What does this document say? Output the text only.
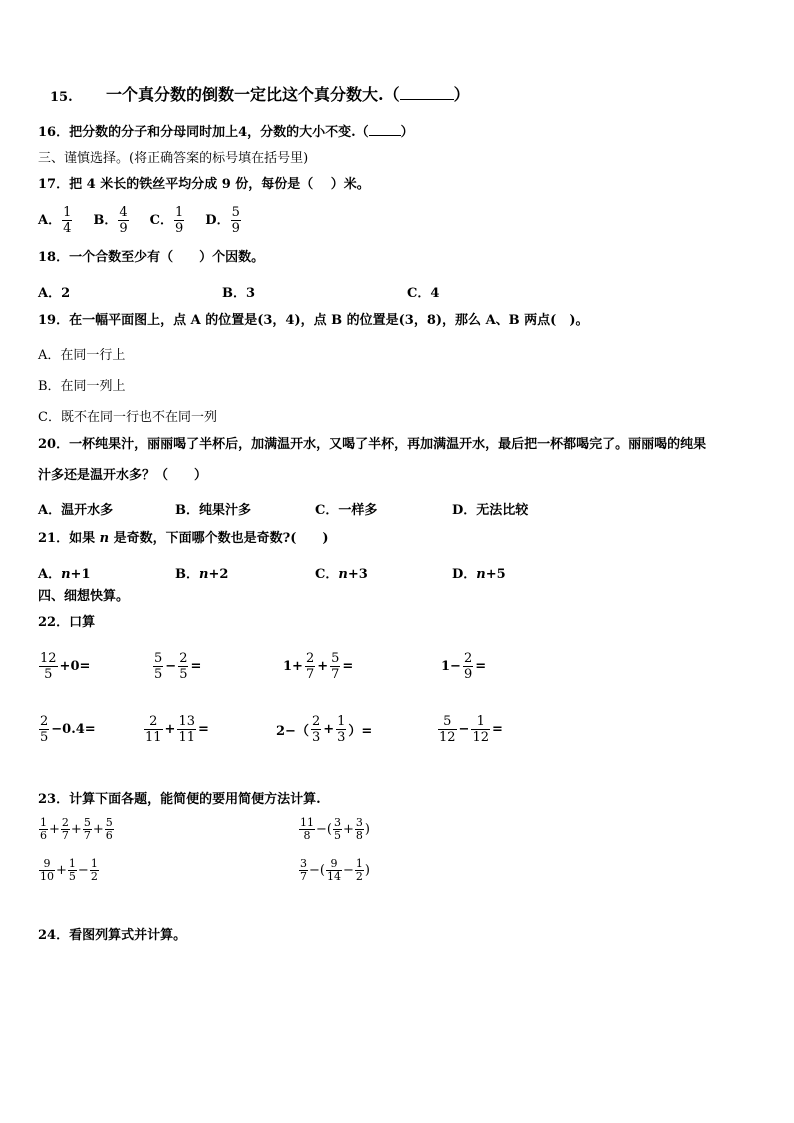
15. 一个真分数的倒数一定比这个真分数大.（	）
16．把分数的分子和分母同时加上4，分数的大小不变.（ ）
三、谨慎选择。(将正确答案的标号填在括号里)
17．把 4 米长的铁丝平均分成 9 份，每份是（　 ）米。
A． $\frac{1}{4}$ B． $\frac{4}{9}$ C． $\frac{1}{9}$ D． $\frac{5}{9}$
18．一个合数至少有（　　）个因数。
A．2	B．3	C．4
19．在一幅平面图上，点 A 的位置是(3，4)，点 B 的位置是(3，8)，那么 A、B 两点(　)。
A．在同一行上
B．在同一列上
C．既不在同一行也不在同一列
20．一杯纯果汁，丽丽喝了半杯后，加满温开水，又喝了半杯，再加满温开水，最后把一杯都喝完了。丽丽喝的纯果
汁多还是温开水多？（　　）
A．温开水多	B．纯果汁多	C．一样多	D．无法比较
21．如果 n 是奇数，下面哪个数也是奇数?(　　)
A．n+1	B．n+2	C．n+3	D．n+5
四、细想快算。
22．口算
$\frac{12}{5} +0=$	$\frac{5}{5} - \frac{2}{5}$ =	$1+ \frac{2}{7} + \frac{5}{7}$ =	$1- \frac{2}{9}$ =
$\frac{2}{5} -0.4=$	$\frac{2}{11} + \frac{13}{11}$ =	$2-( \frac{2}{3} + \frac{1}{3}$ ）=	$\frac{5}{12} - \frac{1}{12}$ =
23．计算下面各题，能简便的要用简便方法计算.
$\frac{1}{6} + \frac{2}{7} + \frac{5}{7} + \frac{5}{6}$	$\frac{11}{8}$ −( $\frac{3}{5} + \frac{3}{8}$ )
$\frac{9}{10} + \frac{1}{5} - \frac{1}{2}$	$\frac{3}{7}$ −( $\frac{9}{14} - \frac{1}{2}$ )
24．看图列算式并计算。
